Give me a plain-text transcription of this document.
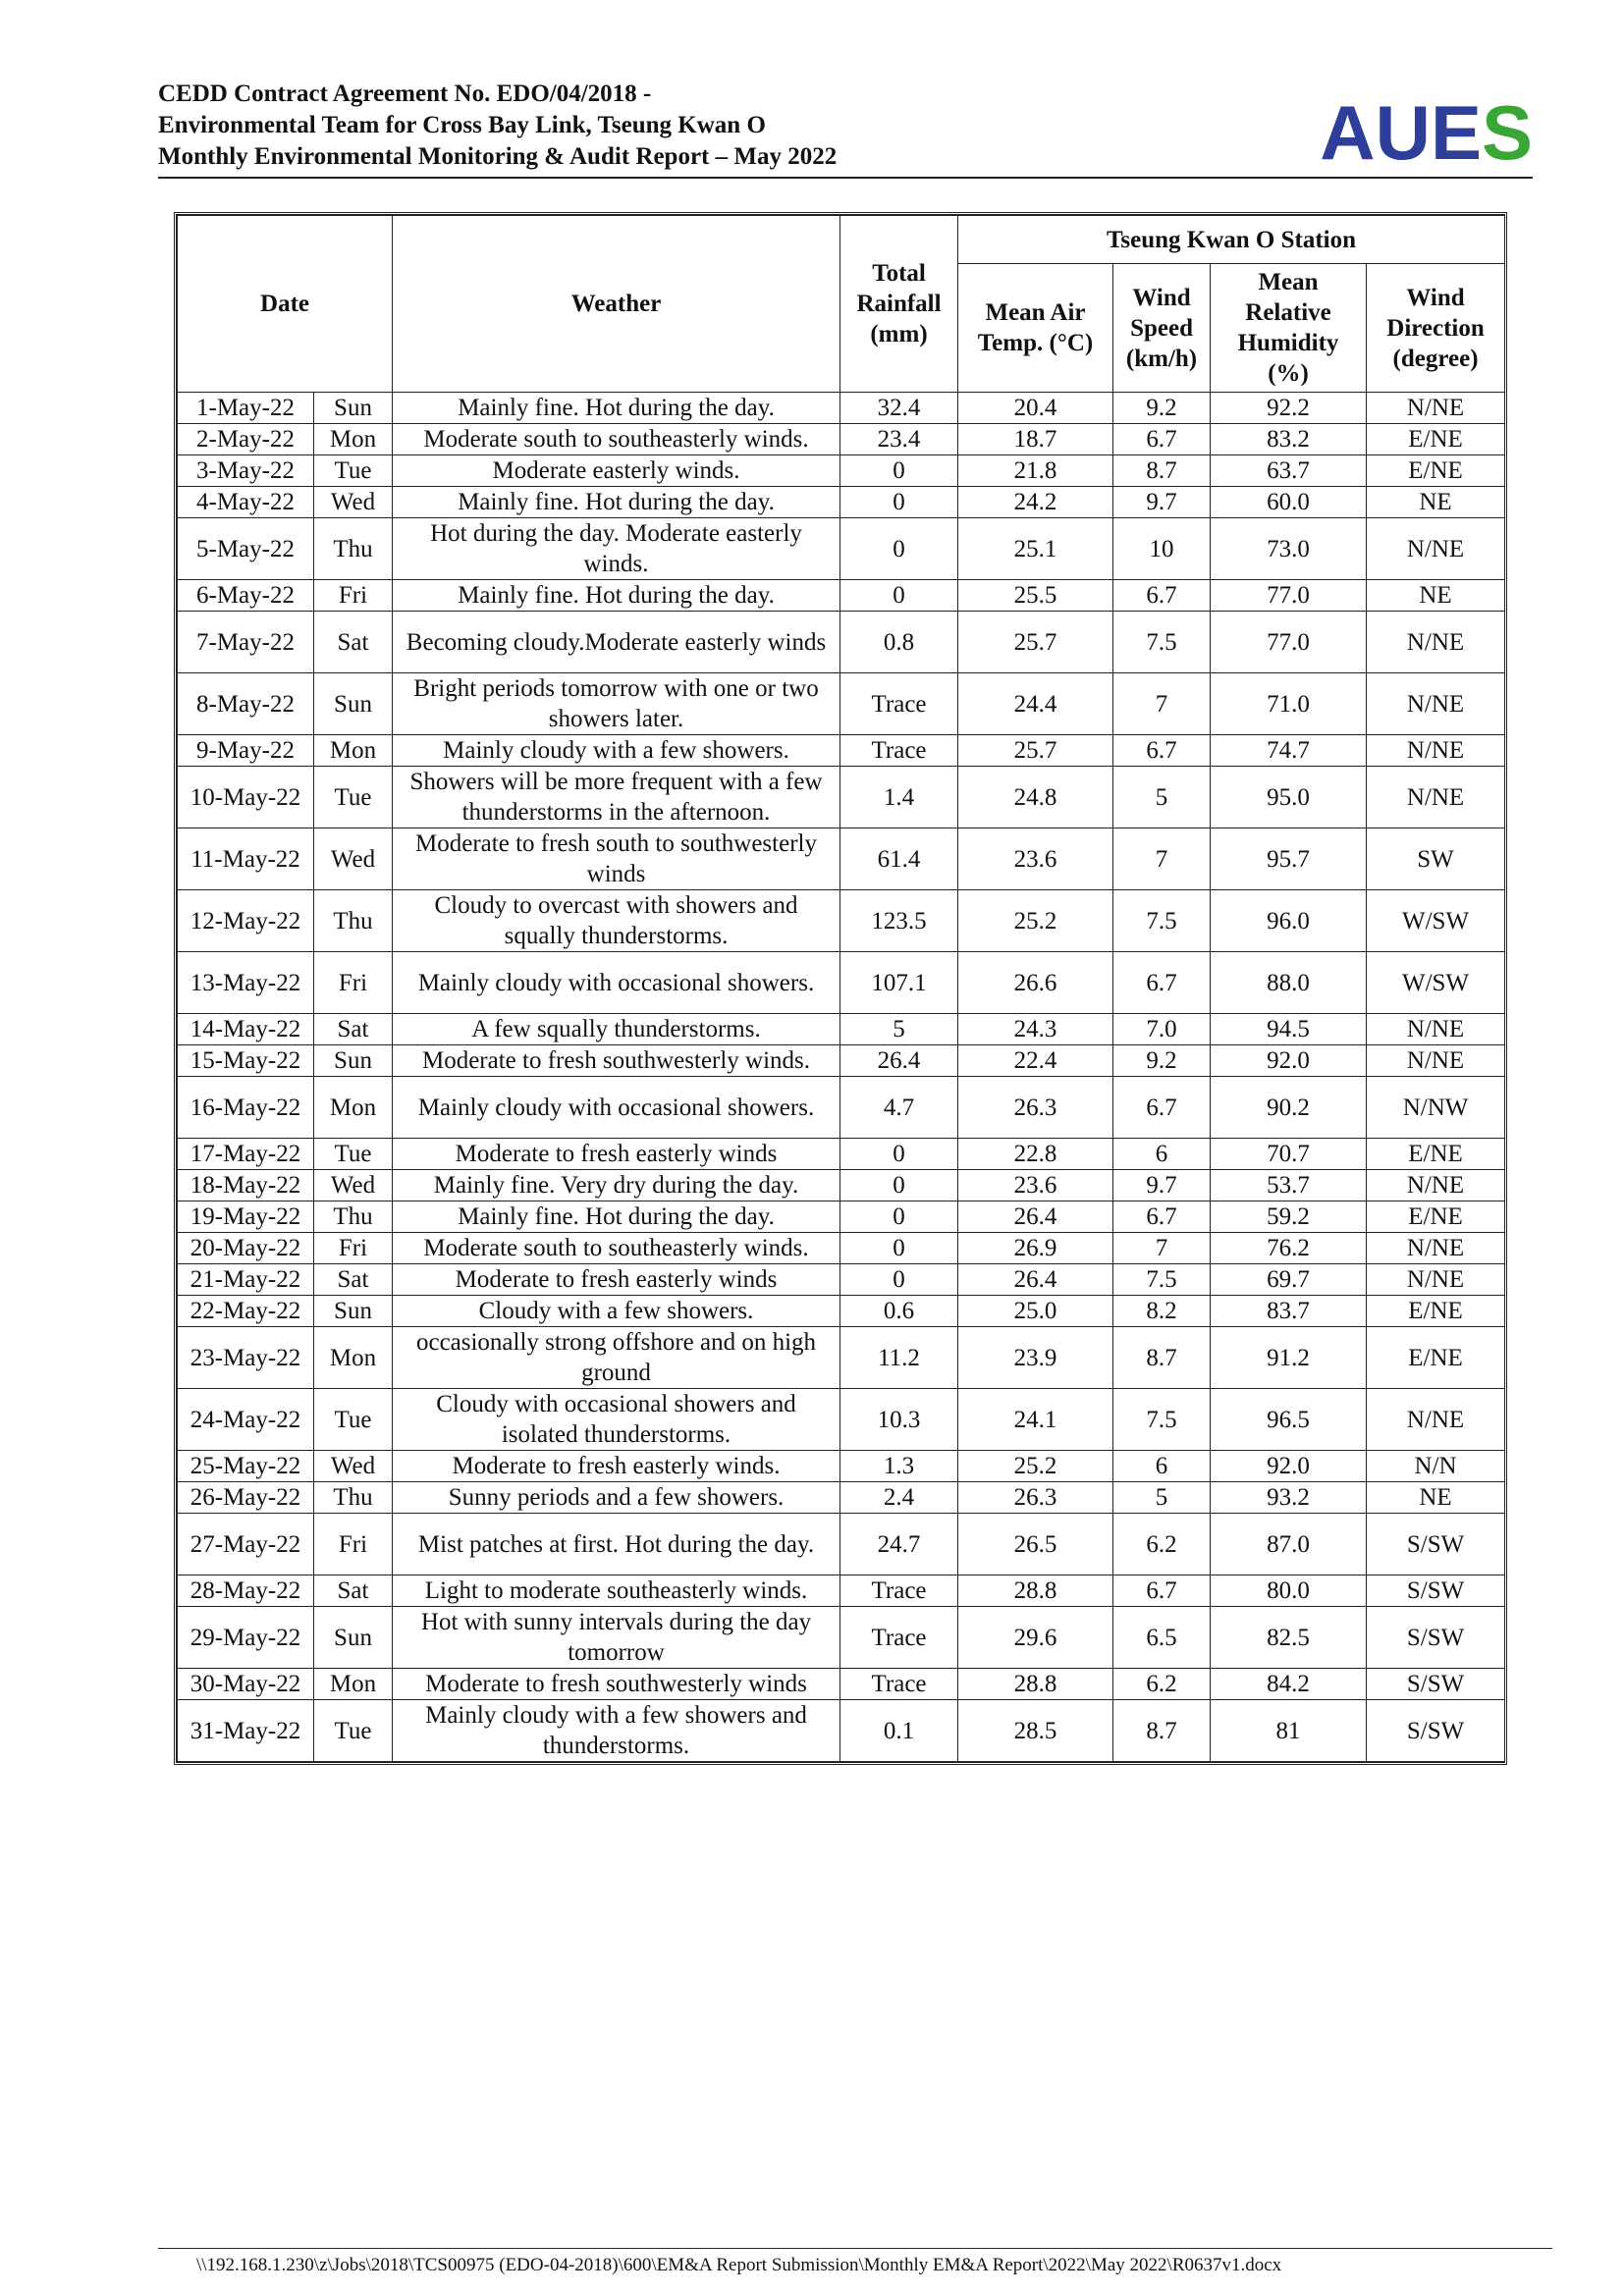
CEDD Contract Agreement No. EDO/04/2018 -
Environmental Team for Cross Bay Link, Tseung Kwan O
Monthly Environmental Monitoring & Audit Report – May 2022	AUES
Date		Weather	Total Rainfall (mm)	Tseung Kwan O Station			
				Mean Air Temp. (°C)	Wind Speed (km/h)	Mean Relative Humidity (%)	Wind Direction (degree)
1-May-22	Sun	Mainly fine. Hot during the day.	32.4	20.4	9.2	92.2	N/NE
2-May-22	Mon	Moderate south to southeasterly winds.	23.4	18.7	6.7	83.2	E/NE
3-May-22	Tue	Moderate easterly winds.	0	21.8	8.7	63.7	E/NE
4-May-22	Wed	Mainly fine. Hot during the day.	0	24.2	9.7	60.0	NE
5-May-22	Thu	Hot during the day. Moderate easterly winds.	0	25.1	10	73.0	N/NE
6-May-22	Fri	Mainly fine. Hot during the day.	0	25.5	6.7	77.0	NE
7-May-22	Sat	Becoming cloudy.Moderate easterly winds	0.8	25.7	7.5	77.0	N/NE
8-May-22	Sun	Bright periods tomorrow with one or two showers later.	Trace	24.4	7	71.0	N/NE
9-May-22	Mon	Mainly cloudy with a few showers.	Trace	25.7	6.7	74.7	N/NE
10-May-22	Tue	Showers will be more frequent with a few thunderstorms in the afternoon.	1.4	24.8	5	95.0	N/NE
11-May-22	Wed	Moderate to fresh south to southwesterly winds	61.4	23.6	7	95.7	SW
12-May-22	Thu	Cloudy to overcast with showers and squally thunderstorms.	123.5	25.2	7.5	96.0	W/SW
13-May-22	Fri	Mainly cloudy with occasional showers.	107.1	26.6	6.7	88.0	W/SW
14-May-22	Sat	A few squally thunderstorms.	5	24.3	7.0	94.5	N/NE
15-May-22	Sun	Moderate to fresh southwesterly winds.	26.4	22.4	9.2	92.0	N/NE
16-May-22	Mon	Mainly cloudy with occasional showers.	4.7	26.3	6.7	90.2	N/NW
17-May-22	Tue	Moderate to fresh easterly winds	0	22.8	6	70.7	E/NE
18-May-22	Wed	Mainly fine. Very dry during the day.	0	23.6	9.7	53.7	N/NE
19-May-22	Thu	Mainly fine. Hot during the day.	0	26.4	6.7	59.2	E/NE
20-May-22	Fri	Moderate south to southeasterly winds.	0	26.9	7	76.2	N/NE
21-May-22	Sat	Moderate to fresh easterly winds	0	26.4	7.5	69.7	N/NE
22-May-22	Sun	Cloudy with a few showers.	0.6	25.0	8.2	83.7	E/NE
23-May-22	Mon	occasionally strong offshore and on high ground	11.2	23.9	8.7	91.2	E/NE
24-May-22	Tue	Cloudy with occasional showers and isolated thunderstorms.	10.3	24.1	7.5	96.5	N/NE
25-May-22	Wed	Moderate to fresh easterly winds.	1.3	25.2	6	92.0	N/N
26-May-22	Thu	Sunny periods and a few showers.	2.4	26.3	5	93.2	NE
27-May-22	Fri	Mist patches at first. Hot during the day.	24.7	26.5	6.2	87.0	S/SW
28-May-22	Sat	Light to moderate southeasterly winds.	Trace	28.8	6.7	80.0	S/SW
29-May-22	Sun	Hot with sunny intervals during the day tomorrow	Trace	29.6	6.5	82.5	S/SW
30-May-22	Mon	Moderate to fresh southwesterly winds	Trace	28.8	6.2	84.2	S/SW
31-May-22	Tue	Mainly cloudy with a few showers and thunderstorms.	0.1	28.5	8.7	81	S/SW
\\192.168.1.230\z\Jobs\2018\TCS00975 (EDO-04-2018)\600\EM&A Report Submission\Monthly EM&A Report\2022\May 2022\R0637v1.docx
